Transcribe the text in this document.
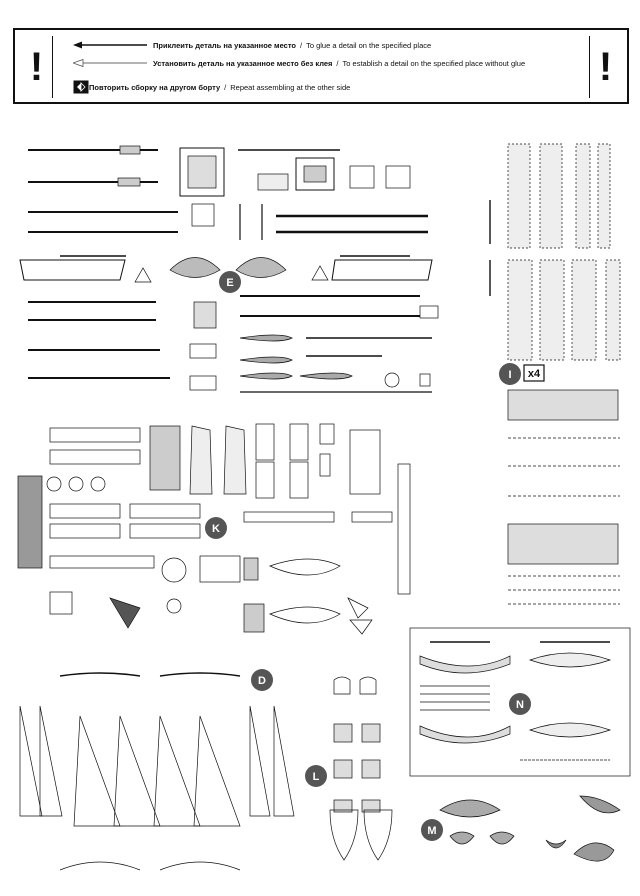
!	!
Приклеить деталь на указанное место / To glue a detail on the specified place
Установить деталь на указанное место без клея / To establish a detail on the specified place without glue
Повторить сборку на другом борту / Repeat assembling at the other side
E
I x4
K
D
L
N
M
